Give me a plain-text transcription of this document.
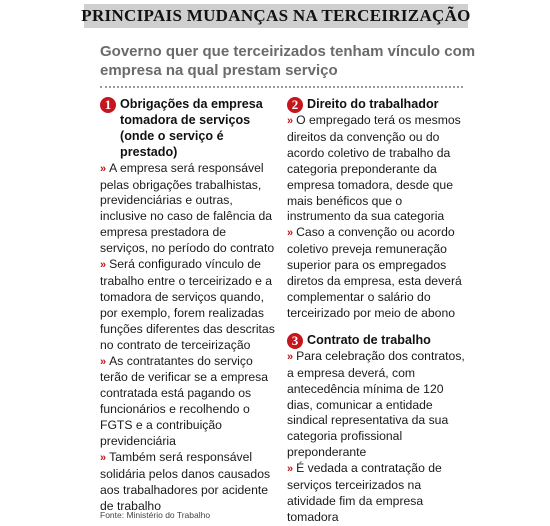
PRINCIPAIS MUDANÇAS NA TERCEIRIZAÇÃO
Governo quer que terceirizados tenham vínculo com empresa na qual prestam serviço
1 Obrigações da empresa tomadora de serviços (onde o serviço é prestado)

» A empresa será responsável pelas obrigações trabalhistas, previdenciárias e outras, inclusive no caso de falência da empresa prestadora de serviços, no período do contrato

» Será configurado vínculo de trabalho entre o terceirizado e a tomadora de serviços quando, por exemplo, forem realizadas funções diferentes das descritas no contrato de terceirização

» As contratantes do serviço terão de verificar se a empresa contratada está pagando os funcionários e recolhendo o FGTS e a contribuição previdenciária

» Também será responsável solidária pelos danos causados aos trabalhadores por acidente de trabalho

2 Direito do trabalhador

» O empregado terá os mesmos direitos da convenção ou do acordo coletivo de trabalho da categoria preponderante da empresa tomadora, desde que mais benéficos que o instrumento da sua categoria

» Caso a convenção ou acordo coletivo preveja remuneração superior para os empregados diretos da empresa, esta deverá complementar o salário do terceirizado por meio de abono

3 Contrato de trabalho

» Para celebração dos contratos, a empresa deverá, com antecedência mínima de 120 dias, comunicar a entidade sindical representativa da sua categoria profissional preponderante

» É vedada a contratação de serviços terceirizados na atividade fim da empresa tomadora

Fonte: Ministério do Trabalho
